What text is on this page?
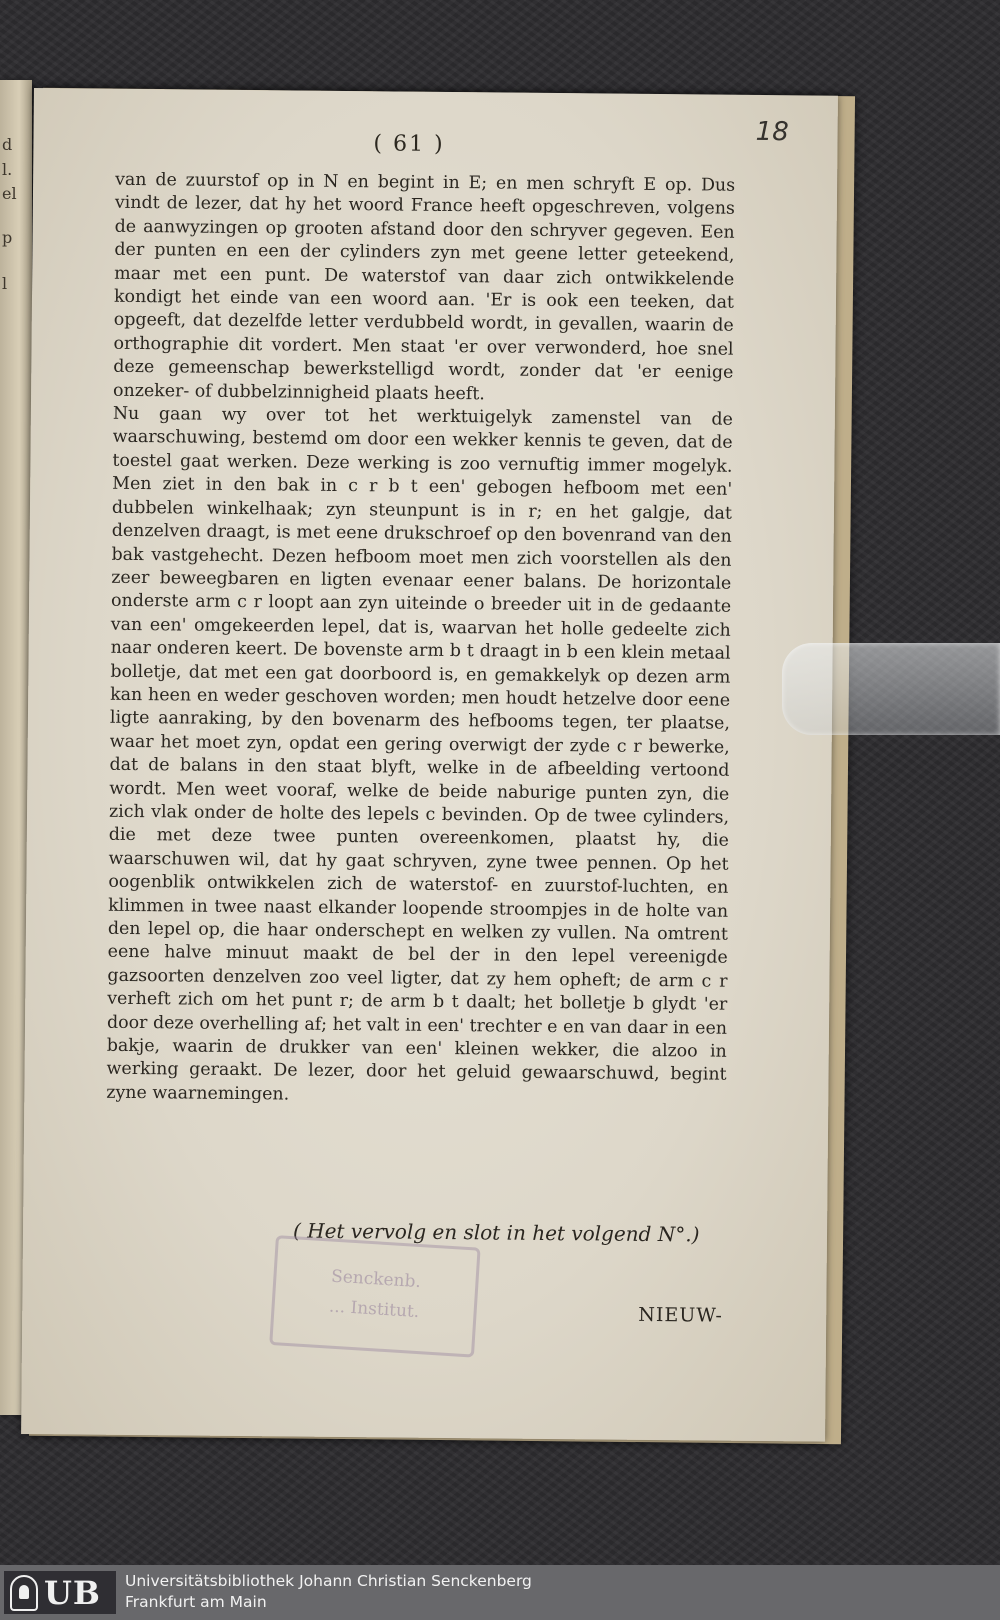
d
l.
el
p
l
( 61 )	18

van de zuurstof op in N en begint in E; en men schryft E op. Dus vindt de lezer, dat hy het woord France heeft opgeschreven, volgens de aanwyzingen op grooten afstand door den schryver gegeven. Een der punten en een der cylinders zyn met geene letter geteekend, maar met een punt. De waterstof van daar zich ontwikkelende kondigt het einde van een woord aan. 'Er is ook een teeken, dat opgeeft, dat dezelfde letter verdubbeld wordt, in gevallen, waarin de orthographie dit vordert. Men staat 'er over verwonderd, hoe snel deze gemeenschap bewerkstelligd wordt, zonder dat 'er eenige onzeker- of dubbelzinnigheid plaats heeft.

Nu gaan wy over tot het werktuigelyk zamenstel van de waarschuwing, bestemd om door een wekker kennis te geven, dat de toestel gaat werken. Deze werking is zoo vernuftig immer mogelyk. Men ziet in den bak in c r b t een' gebogen hefboom met een' dubbelen winkelhaak; zyn steunpunt is in r; en het galgje, dat denzelven draagt, is met eene drukschroef op den bovenrand van den bak vastgehecht. Dezen hefboom moet men zich voorstellen als den zeer beweegbaren en ligten evenaar eener balans. De horizontale onderste arm c r loopt aan zyn uiteinde o breeder uit in de gedaante van een' omgekeerden lepel, dat is, waarvan het holle gedeelte zich naar onderen keert. De bovenste arm b t draagt in b een klein metaal bolletje, dat met een gat doorboord is, en gemakkelyk op dezen arm kan heen en weder geschoven worden; men houdt hetzelve door eene ligte aanraking, by den bovenarm des hefbooms tegen, ter plaatse, waar het moet zyn, opdat een gering overwigt der zyde c r bewerke, dat de balans in den staat blyft, welke in de afbeelding vertoond wordt. Men weet vooraf, welke de beide naburige punten zyn, die zich vlak onder de holte des lepels c bevinden. Op de twee cylinders, die met deze twee punten overeenkomen, plaatst hy, die waarschuwen wil, dat hy gaat schryven, zyne twee pennen. Op het oogenblik ontwikkelen zich de waterstof- en zuurstof-luchten, en klimmen in twee naast elkander loopende stroompjes in de holte van den lepel op, die haar onderschept en welken zy vullen. Na omtrent eene halve minuut maakt de bel der in den lepel vereenigde gazsoorten denzelven zoo veel ligter, dat zy hem opheft; de arm c r verheft zich om het punt r; de arm b t daalt; het bolletje b glydt 'er door deze overhelling af; het valt in een' trechter e en van daar in een bakje, waarin de drukker van een' kleinen wekker, die alzoo in werking geraakt. De lezer, door het geluid gewaarschuwd, begint zyne waarnemingen.

( Het vervolg en slot in het volgend N°.)
NIEUW-
Senckenb.
... Institut.
UB Universitätsbibliothek Johann Christian Senckenberg
Frankfurt am Main
